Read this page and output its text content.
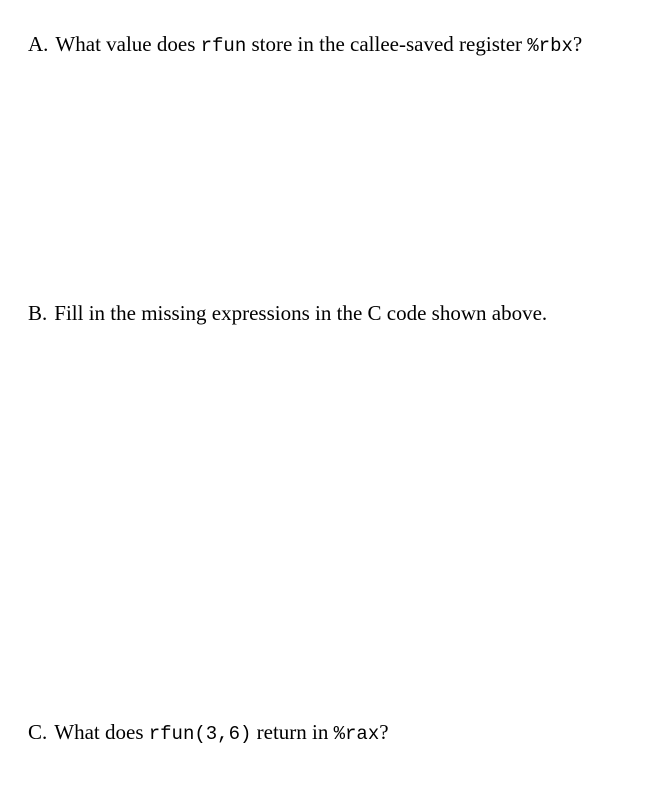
A. What value does rfun store in the callee-saved register %rbx?
B. Fill in the missing expressions in the C code shown above.
C. What does rfun(3,6) return in %rax?
